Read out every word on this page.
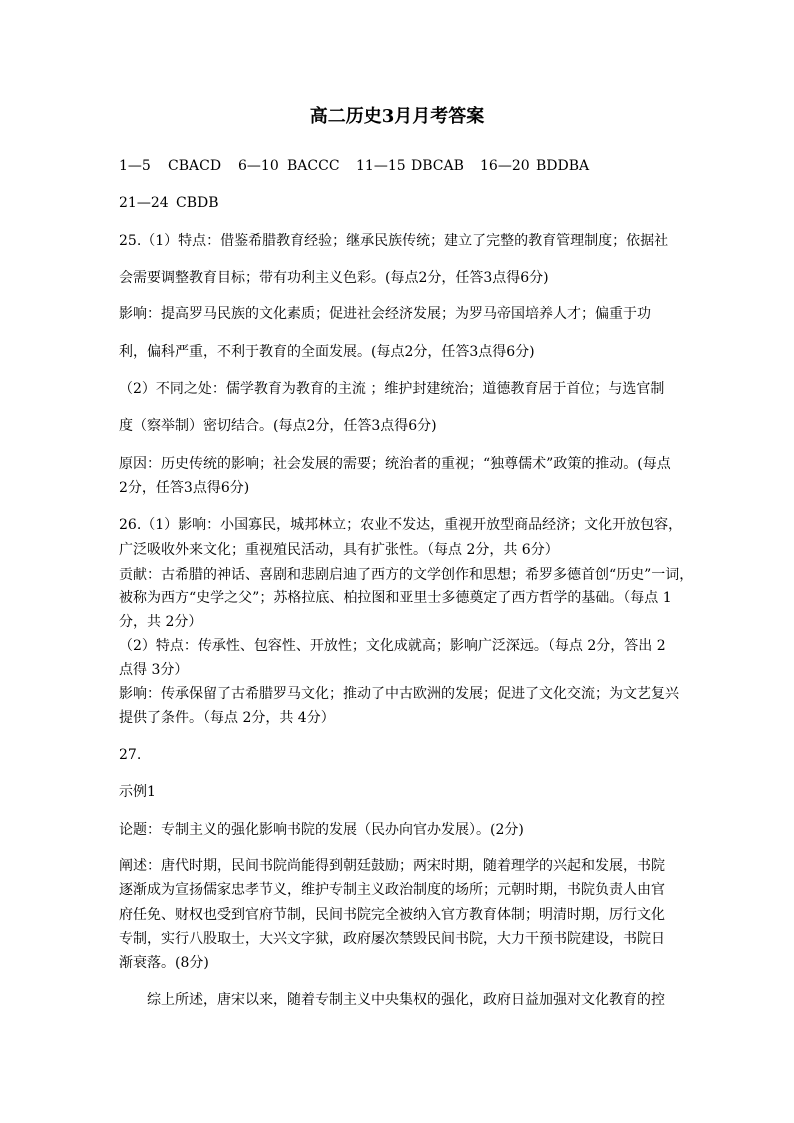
高二历史3月月考答案
1—5 CBACD 6—10 BACCC 11—15 DBCAB 16—20 BDDBA
21—24 CBDB
25.（1）特点：借鉴希腊教育经验；继承民族传统；建立了完整的教育管理制度；依据社
会需要调整教育目标；带有功利主义色彩。(每点2分，任答3点得6分)
影响：提高罗马民族的文化素质；促进社会经济发展；为罗马帝国培养人才；偏重于功
利，偏科严重，不利于教育的全面发展。(每点2分，任答3点得6分)
（2）不同之处：儒学教育为教育的主流 ；维护封建统治；道德教育居于首位；与选官制
度（察举制）密切结合。(每点2分，任答3点得6分)
原因：历史传统的影响；社会发展的需要；统治者的重视；“独尊儒术”政策的推动。(每点
2分，任答3点得6分)
26.（1）影响：小国寡民，城邦林立；农业不发达，重视开放型商品经济；文化开放包容，
广泛吸收外来文化；重视殖民活动，具有扩张性。（每点 2分，共 6分）
贡献：古希腊的神话、喜剧和悲剧启迪了西方的文学创作和思想；希罗多德首创“历史”一词，
被称为西方“史学之父”；苏格拉底、柏拉图和亚里士多德奠定了西方哲学的基础。（每点 1
分，共 2分）
（2）特点：传承性、包容性、开放性；文化成就高；影响广泛深远。（每点 2分，答出 2
点得 3分）
影响：传承保留了古希腊罗马文化；推动了中古欧洲的发展；促进了文化交流；为文艺复兴
提供了条件。（每点 2分，共 4分）
27.
示例1
论题：专制主义的强化影响书院的发展（民办向官办发展）。(2分)
阐述：唐代时期，民间书院尚能得到朝廷鼓励；两宋时期，随着理学的兴起和发展，书院
逐渐成为宣扬儒家忠孝节义，维护专制主义政治制度的场所；元朝时期，书院负责人由官
府任免、财权也受到官府节制，民间书院完全被纳入官方教育体制；明清时期，厉行文化
专制，实行八股取士，大兴文字狱，政府屡次禁毁民间书院，大力干预书院建设，书院日
渐衰落。(8分)
综上所述，唐宋以来，随着专制主义中央集权的强化，政府日益加强对文化教育的控
